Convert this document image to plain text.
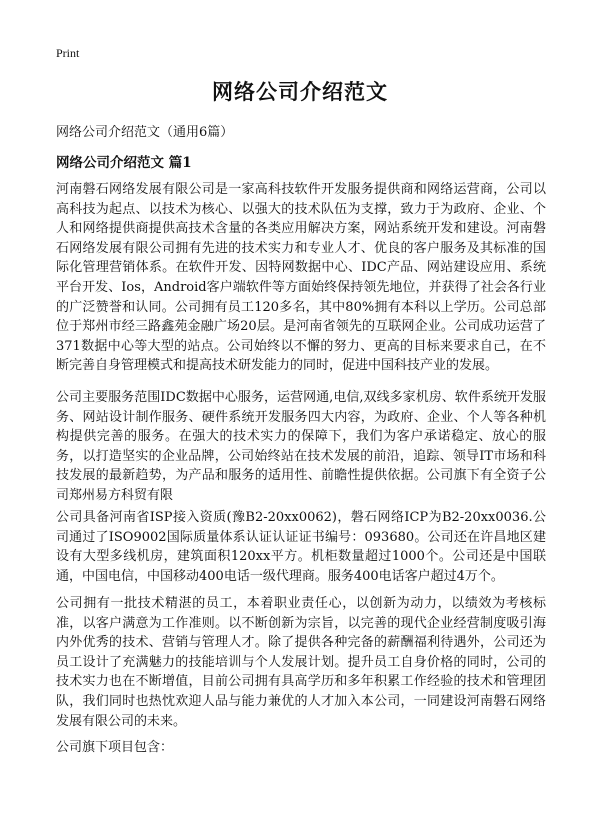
Print
网络公司介绍范文
网络公司介绍范文（通用6篇）
网络公司介绍范文 篇1

河南磐石网络发展有限公司是一家高科技软件开发服务提供商和网络运营商，公司以高科技为起点、以技术为核心、以强大的技术队伍为支撑，致力于为政府、企业、个人和网络提供商提供高技术含量的各类应用解决方案，网站系统开发和建设。河南磐石网络发展有限公司拥有先进的技术实力和专业人才、优良的客户服务及其标准的国际化管理营销体系。在软件开发、因特网数据中心、IDC产品、网站建设应用、系统平台开发、Ios，Android客户端软件等方面始终保持领先地位，并获得了社会各行业的广泛赞誉和认同。公司拥有员工120多名，其中80%拥有本科以上学历。公司总部位于郑州市经三路鑫苑金融广场20层。是河南省领先的互联网企业。公司成功运营了371数据中心等大型的站点。公司始终以不懈的努力、更高的目标来要求自己，在不断完善自身管理模式和提高技术研发能力的同时，促进中国科技产业的发展。

公司主要服务范围IDC数据中心服务，运营网通,电信,双线多家机房、软件系统开发服务、网站设计制作服务、硬件系统开发服务四大内容，为政府、企业、个人等各种机构提供完善的服务。在强大的技术实力的保障下，我们为客户承诺稳定、放心的服务，以打造坚实的企业品牌，公司始终站在技术发展的前沿，追踪、领导IT市场和科技发展的最新趋势，为产品和服务的适用性、前瞻性提供依据。公司旗下有全资子公司郑州易方科贸有限

公司具备河南省ISP接入资质(豫B2-20xx0062)，磐石网络ICP为B2-20xx0036.公司通过了ISO9002国际质量体系认证认证证书编号：093680。公司还在许昌地区建设有大型多线机房，建筑面积120xx平方。机柜数量超过1000个。公司还是中国联通，中国电信，中国移动400电话一级代理商。服务400电话客户超过4万个。

公司拥有一批技术精湛的员工，本着职业责任心，以创新为动力，以绩效为考核标准，以客户满意为工作准则。以不断创新为宗旨，以完善的现代企业经营制度吸引海内外优秀的技术、营销与管理人才。除了提供各种完备的薪酬福利待遇外，公司还为员工设计了充满魅力的技能培训与个人发展计划。提升员工自身价格的同时，公司的技术实力也在不断增值，目前公司拥有具高学历和多年积累工作经验的技术和管理团队，我们同时也热忱欢迎人品与能力兼优的人才加入本公司，一同建设河南磐石网络发展有限公司的未来。

公司旗下项目包含：
